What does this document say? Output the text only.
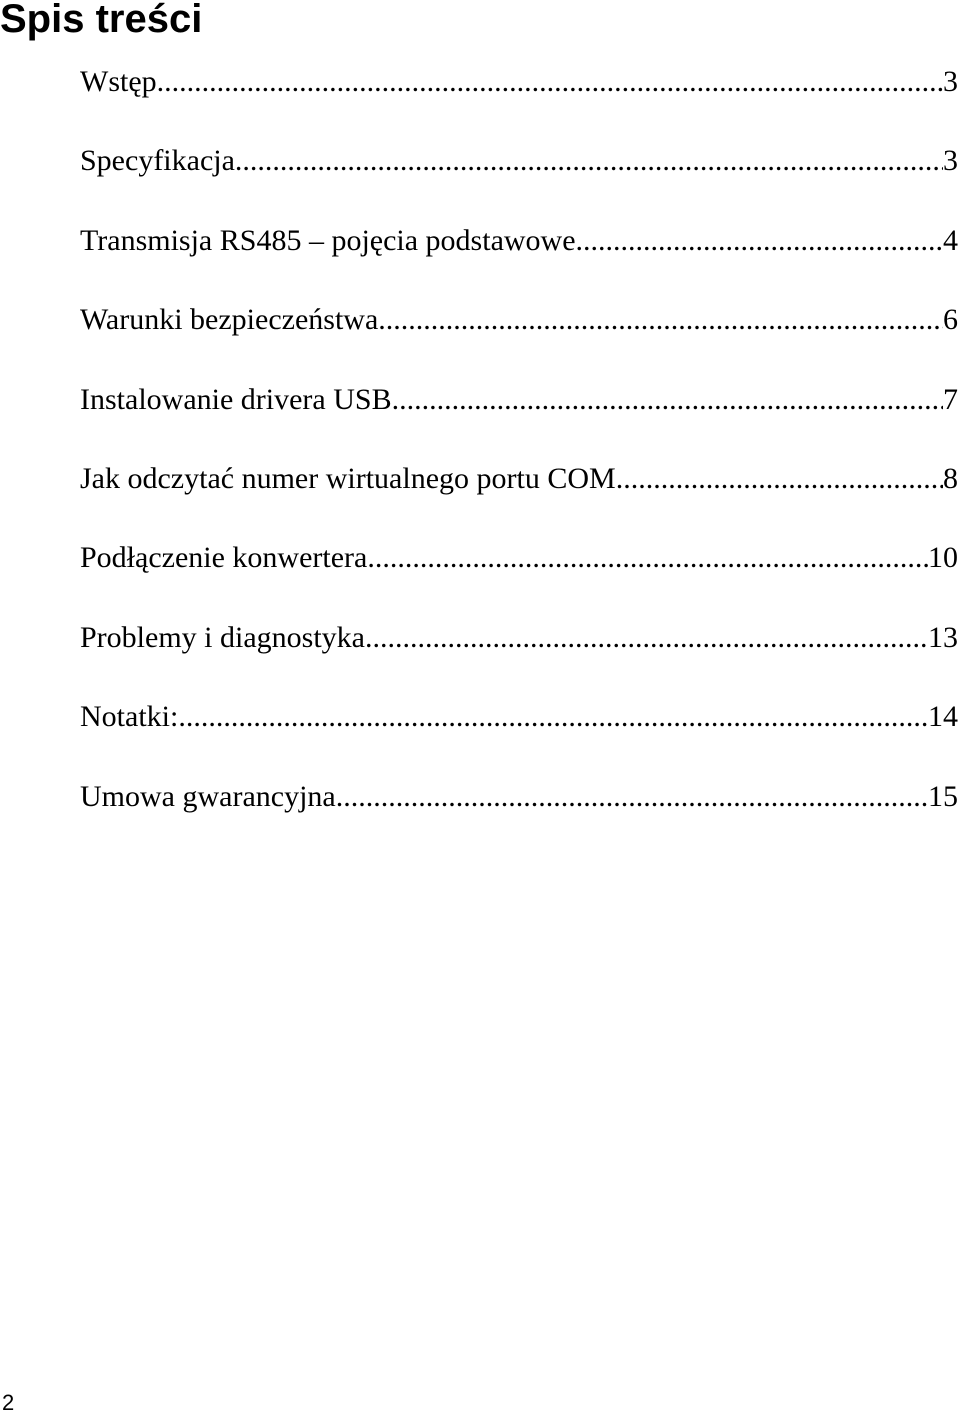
Spis treści
Wstęp .....	3
Specyfikacja .....	3
Transmisja RS485 – pojęcia podstawowe .....	4
Warunki bezpieczeństwa .....	6
Instalowanie drivera USB .....	7
Jak odczytać numer wirtualnego portu COM .....	8
Podłączenie konwertera .....	10
Problemy i diagnostyka .....	13
Notatki: .....	14
Umowa gwarancyjna .....	15
2
